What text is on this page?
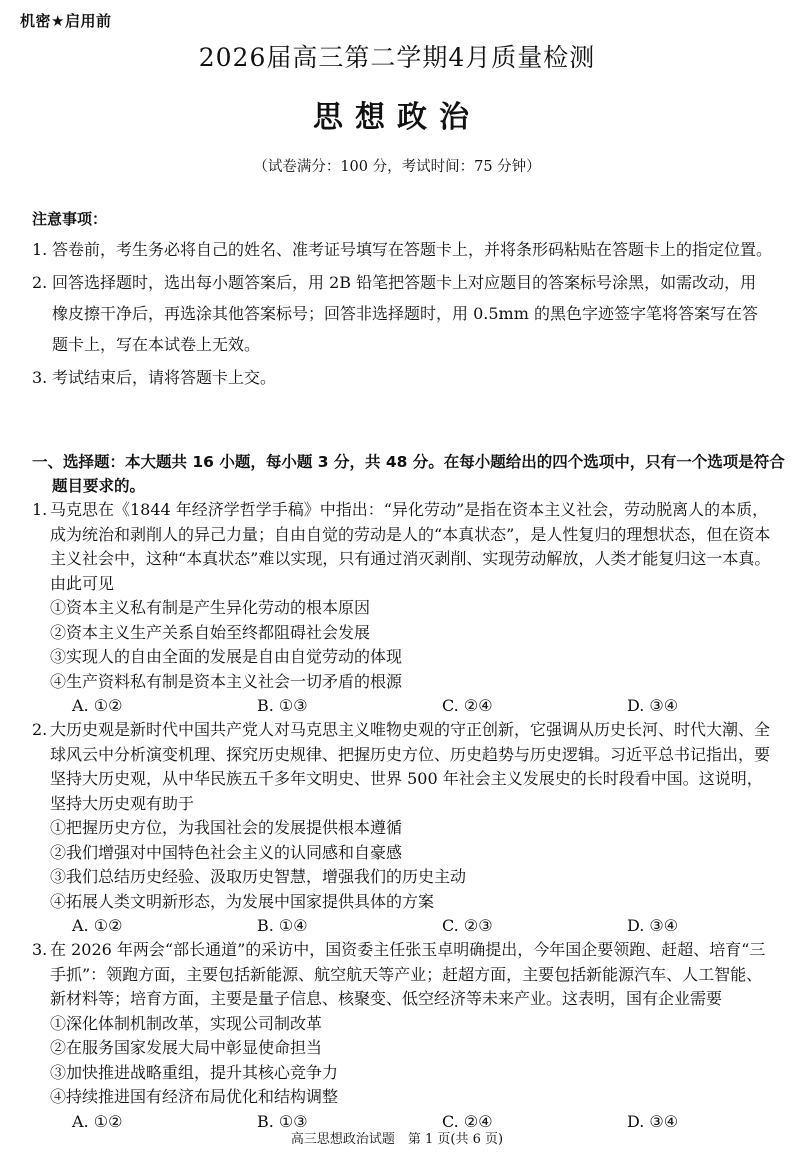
机密★启用前
2026届高三第二学期4月质量检测
思想政治
（试卷满分：100 分，考试时间：75 分钟）
注意事项：
1. 答卷前，考生务必将自己的姓名、准考证号填写在答题卡上，并将条形码粘贴在答题卡上的指定位置。
2. 回答选择题时，选出每小题答案后，用 2B 铅笔把答题卡上对应题目的答案标号涂黑，如需改动，用橡皮擦干净后，再选涂其他答案标号；回答非选择题时，用 0.5mm 的黑色字迹签字笔将答案写在答题卡上，写在本试卷上无效。
3. 考试结束后，请将答题卡上交。
一、选择题：本大题共 16 小题，每小题 3 分，共 48 分。在每小题给出的四个选项中，只有一个选项是符合题目要求的。
1. 马克思在《1844 年经济学哲学手稿》中指出：“异化劳动”是指在资本主义社会，劳动脱离人的本质，成为统治和剥削人的异己力量；自由自觉的劳动是人的“本真状态”，是人性复归的理想状态，但在资本主义社会中，这种“本真状态”难以实现，只有通过消灭剥削、实现劳动解放，人类才能复归这一本真。由此可见
①资本主义私有制是产生异化劳动的根本原因
②资本主义生产关系自始至终都阻碍社会发展
③实现人的自由全面的发展是自由自觉劳动的体现
④生产资料私有制是资本主义社会一切矛盾的根源
A. ①②	B. ①③	C. ②④	D. ③④
2. 大历史观是新时代中国共产党人对马克思主义唯物史观的守正创新，它强调从历史长河、时代大潮、全球风云中分析演变机理、探究历史规律、把握历史方位、历史趋势与历史逻辑。习近平总书记指出，要坚持大历史观，从中华民族五千多年文明史、世界 500 年社会主义发展史的长时段看中国。这说明，坚持大历史观有助于
①把握历史方位，为我国社会的发展提供根本遵循
②我们增强对中国特色社会主义的认同感和自豪感
③我们总结历史经验、汲取历史智慧，增强我们的历史主动
④拓展人类文明新形态，为发展中国家提供具体的方案
A. ①②	B. ①④	C. ②③	D. ③④
3. 在 2026 年两会“部长通道”的采访中，国资委主任张玉卓明确提出，今年国企要领跑、赶超、培育“三手抓”：领跑方面，主要包括新能源、航空航天等产业；赶超方面，主要包括新能源汽车、人工智能、新材料等；培育方面，主要是量子信息、核聚变、低空经济等未来产业。这表明，国有企业需要
①深化体制机制改革，实现公司制改革
②在服务国家发展大局中彰显使命担当
③加快推进战略重组，提升其核心竞争力
④持续推进国有经济布局优化和结构调整
A. ①②	B. ①③	C. ②④	D. ③④
高三思想政治试题　第 1 页(共 6 页)
